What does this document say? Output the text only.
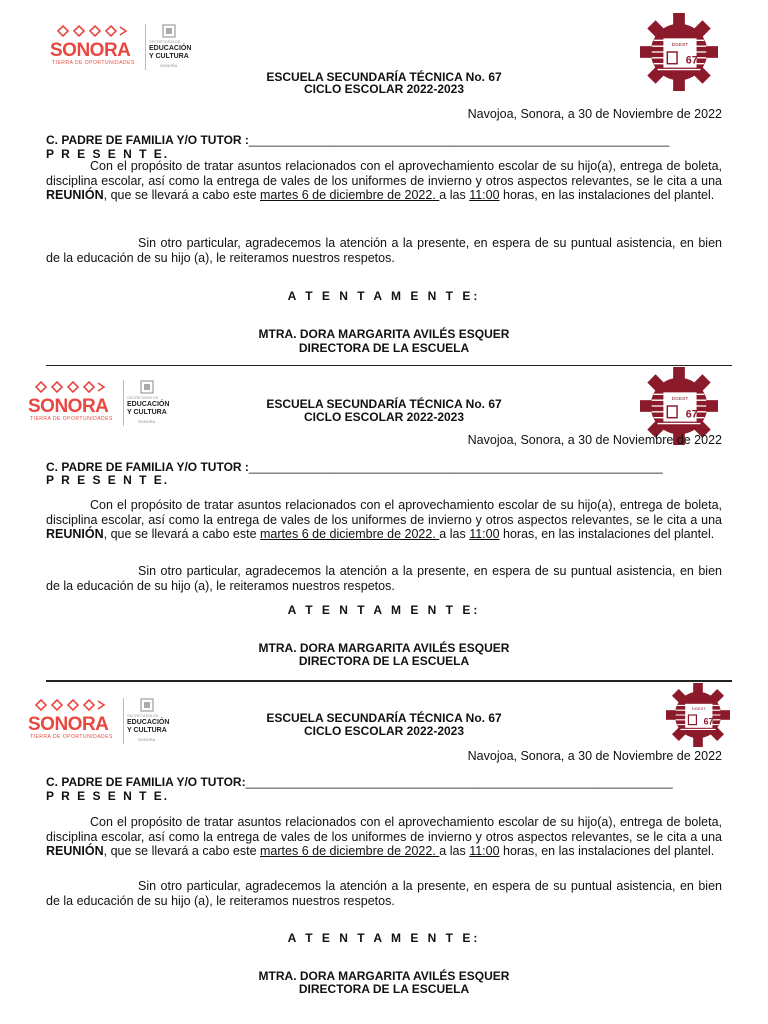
SONORA
TIERRA DE OPORTUNIDADES
SECRETARÍA DE
EDUCACIÓN
Y CULTURA
SONORA
DGEST
67
ESCUELA SECUNDARÍA TÉCNICA No. 67
CICLO ESCOLAR 2022-2023
Navojoa, Sonora, a 30 de Noviembre de 2022
C. PADRE DE FAMILIA Y/O TUTOR :_______________________________________________________________
P R E S E N T E.
Con el propósito de tratar asuntos relacionados con el aprovechamiento escolar de su hijo(a), entrega de boleta, disciplina escolar, así como la entrega de vales de los uniformes de invierno y otros aspectos relevantes, se le cita a una REUNIÓN, que se llevará a cabo este martes 6 de diciembre de 2022. a las 11:00 horas, en las instalaciones del plantel.
Sin otro particular, agradecemos la atención a la presente, en espera de su puntual asistencia, en bien de la educación de su hijo (a), le reiteramos nuestros respetos.
A T E N T A M E N T E:
MTRA. DORA MARGARITA AVILÉS ESQUER
DIRECTORA DE LA ESCUELA
SONORA
TIERRA DE OPORTUNIDADES
SECRETARÍA DE
EDUCACIÓN
Y CULTURA
SONORA
DGEST
67
ESCUELA SECUNDARÍA TÉCNICA No. 67
CICLO ESCOLAR 2022-2023
Navojoa, Sonora, a 30 de Noviembre de 2022
C. PADRE DE FAMILIA Y/O TUTOR :______________________________________________________________
P R E S E N T E.
Con el propósito de tratar asuntos relacionados con el aprovechamiento escolar de su hijo(a), entrega de boleta, disciplina escolar, así como la entrega de vales de los uniformes de invierno y otros aspectos relevantes, se le cita a una REUNIÓN, que se llevará a cabo este martes 6 de diciembre de 2022. a las 11:00 horas, en las instalaciones del plantel.
Sin otro particular, agradecemos la atención a la presente, en espera de su puntual asistencia, en bien de la educación de su hijo (a), le reiteramos nuestros respetos.
A T E N T A M E N T E:
MTRA. DORA MARGARITA AVILÉS ESQUER
DIRECTORA DE LA ESCUELA
SONORA
TIERRA DE OPORTUNIDADES
SECRETARÍA DE
EDUCACIÓN
Y CULTURA
SONORA
DGEST
67
ESCUELA SECUNDARÍA TÉCNICA No. 67
CICLO ESCOLAR 2022-2023
Navojoa, Sonora, a 30 de Noviembre de 2022
C. PADRE DE FAMILIA Y/O TUTOR:________________________________________________________________
P R E S E N T E.
Con el propósito de tratar asuntos relacionados con el aprovechamiento escolar de su hijo(a), entrega de boleta, disciplina escolar, así como la entrega de vales de los uniformes de invierno y otros aspectos relevantes, se le cita a una REUNIÓN, que se llevará a cabo este martes 6 de diciembre de 2022. a las 11:00 horas, en las instalaciones del plantel.
Sin otro particular, agradecemos la atención a la presente, en espera de su puntual asistencia, en bien de la educación de su hijo (a), le reiteramos nuestros respetos.
A T E N T A M E N T E:
MTRA. DORA MARGARITA AVILÉS ESQUER
DIRECTORA DE LA ESCUELA
